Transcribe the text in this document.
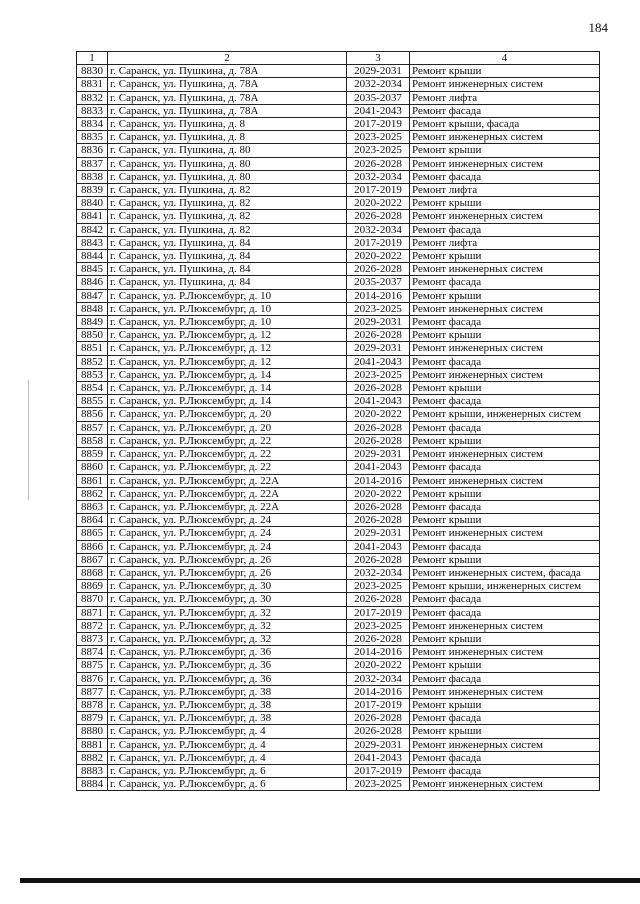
184
1	2	3	4
8830	г. Саранск, ул. Пушкина, д. 78А	2029-2031	Ремонт крыши
8831	г. Саранск, ул. Пушкина, д. 78А	2032-2034	Ремонт инженерных систем
8832	г. Саранск, ул. Пушкина, д. 78А	2035-2037	Ремонт лифта
8833	г. Саранск, ул. Пушкина, д. 78А	2041-2043	Ремонт фасада
8834	г. Саранск, ул. Пушкина, д. 8	2017-2019	Ремонт крыши, фасада
8835	г. Саранск, ул. Пушкина, д. 8	2023-2025	Ремонт инженерных систем
8836	г. Саранск, ул. Пушкина, д. 80	2023-2025	Ремонт крыши
8837	г. Саранск, ул. Пушкина, д. 80	2026-2028	Ремонт инженерных систем
8838	г. Саранск, ул. Пушкина, д. 80	2032-2034	Ремонт фасада
8839	г. Саранск, ул. Пушкина, д. 82	2017-2019	Ремонт лифта
8840	г. Саранск, ул. Пушкина, д. 82	2020-2022	Ремонт крыши
8841	г. Саранск, ул. Пушкина, д. 82	2026-2028	Ремонт инженерных систем
8842	г. Саранск, ул. Пушкина, д. 82	2032-2034	Ремонт фасада
8843	г. Саранск, ул. Пушкина, д. 84	2017-2019	Ремонт лифта
8844	г. Саранск, ул. Пушкина, д. 84	2020-2022	Ремонт крыши
8845	г. Саранск, ул. Пушкина, д. 84	2026-2028	Ремонт инженерных систем
8846	г. Саранск, ул. Пушкина, д. 84	2035-2037	Ремонт фасада
8847	г. Саранск, ул. Р.Люксембург, д. 10	2014-2016	Ремонт крыши
8848	г. Саранск, ул. Р.Люксембург, д. 10	2023-2025	Ремонт инженерных систем
8849	г. Саранск, ул. Р.Люксембург, д. 10	2029-2031	Ремонт фасада
8850	г. Саранск, ул. Р.Люксембург, д. 12	2026-2028	Ремонт крыши
8851	г. Саранск, ул. Р.Люксембург, д. 12	2029-2031	Ремонт инженерных систем
8852	г. Саранск, ул. Р.Люксембург, д. 12	2041-2043	Ремонт фасада
8853	г. Саранск, ул. Р.Люксембург, д. 14	2023-2025	Ремонт инженерных систем
8854	г. Саранск, ул. Р.Люксембург, д. 14	2026-2028	Ремонт крыши
8855	г. Саранск, ул. Р.Люксембург, д. 14	2041-2043	Ремонт фасада
8856	г. Саранск, ул. Р.Люксембург, д. 20	2020-2022	Ремонт крыши, инженерных систем
8857	г. Саранск, ул. Р.Люксембург, д. 20	2026-2028	Ремонт фасада
8858	г. Саранск, ул. Р.Люксембург, д. 22	2026-2028	Ремонт крыши
8859	г. Саранск, ул. Р.Люксембург, д. 22	2029-2031	Ремонт инженерных систем
8860	г. Саранск, ул. Р.Люксембург, д. 22	2041-2043	Ремонт фасада
8861	г. Саранск, ул. Р.Люксембург, д. 22А	2014-2016	Ремонт инженерных систем
8862	г. Саранск, ул. Р.Люксембург, д. 22А	2020-2022	Ремонт крыши
8863	г. Саранск, ул. Р.Люксембург, д. 22А	2026-2028	Ремонт фасада
8864	г. Саранск, ул. Р.Люксембург, д. 24	2026-2028	Ремонт крыши
8865	г. Саранск, ул. Р.Люксембург, д. 24	2029-2031	Ремонт инженерных систем
8866	г. Саранск, ул. Р.Люксембург, д. 24	2041-2043	Ремонт фасада
8867	г. Саранск, ул. Р.Люксембург, д. 26	2026-2028	Ремонт крыши
8868	г. Саранск, ул. Р.Люксембург, д. 26	2032-2034	Ремонт инженерных систем, фасада
8869	г. Саранск, ул. Р.Люксембург, д. 30	2023-2025	Ремонт крыши, инженерных систем
8870	г. Саранск, ул. Р.Люксембург, д. 30	2026-2028	Ремонт фасада
8871	г. Саранск, ул. Р.Люксембург, д. 32	2017-2019	Ремонт фасада
8872	г. Саранск, ул. Р.Люксембург, д. 32	2023-2025	Ремонт инженерных систем
8873	г. Саранск, ул. Р.Люксембург, д. 32	2026-2028	Ремонт крыши
8874	г. Саранск, ул. Р.Люксембург, д. 36	2014-2016	Ремонт инженерных систем
8875	г. Саранск, ул. Р.Люксембург, д. 36	2020-2022	Ремонт крыши
8876	г. Саранск, ул. Р.Люксембург, д. 36	2032-2034	Ремонт фасада
8877	г. Саранск, ул. Р.Люксембург, д. 38	2014-2016	Ремонт инженерных систем
8878	г. Саранск, ул. Р.Люксембург, д. 38	2017-2019	Ремонт крыши
8879	г. Саранск, ул. Р.Люксембург, д. 38	2026-2028	Ремонт фасада
8880	г. Саранск, ул. Р.Люксембург, д. 4	2026-2028	Ремонт крыши
8881	г. Саранск, ул. Р.Люксембург, д. 4	2029-2031	Ремонт инженерных систем
8882	г. Саранск, ул. Р.Люксембург, д. 4	2041-2043	Ремонт фасада
8883	г. Саранск, ул. Р.Люксембург, д. 6	2017-2019	Ремонт фасада
8884	г. Саранск, ул. Р.Люксембург, д. 6	2023-2025	Ремонт инженерных систем
